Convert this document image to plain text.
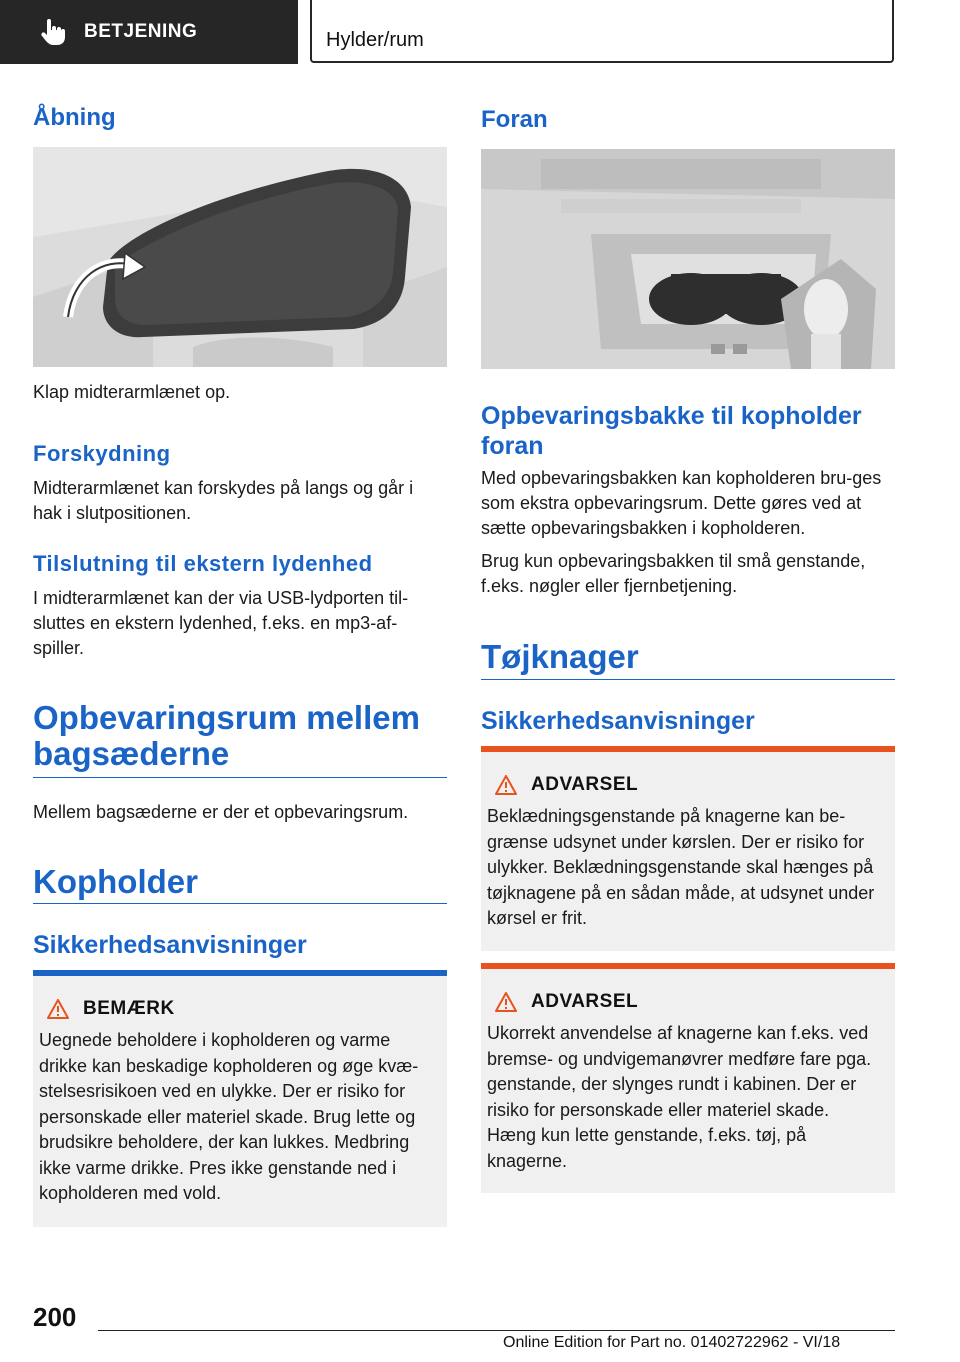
BETJENING	Hylder/rum
Åbning

Klap midterarmlænet op.

Forskydning

Midterarmlænet kan forskydes på langs og går i hak i slutpositionen.

Tilslutning til ekstern lydenhed

I midterarmlænet kan der via USB-lydporten til-sluttes en ekstern lydenhed, f.eks. en mp3-af-spiller.

Opbevaringsrum mellem
bagsæderne

Mellem bagsæderne er der et opbevaringsrum.

Kopholder
Sikkerhedsanvisninger
BEMÆRK
Uegnede beholdere i kopholderen og varme drikke kan beskadige kopholderen og øge kvæ-stelsesrisikoen ved en ulykke. Der er risiko for personskade eller materiel skade. Brug lette og brudsikre beholdere, der kan lukkes. Medbring ikke varme drikke. Pres ikke genstande ned i kopholderen med vold.
Foran
Opbevaringsbakke til kopholder
foran

Med opbevaringsbakken kan kopholderen bru-ges som ekstra opbevaringsrum. Dette gøres ved at sætte opbevaringsbakken i kopholderen.

Brug kun opbevaringsbakken til små genstande, f.eks. nøgler eller fjernbetjening.

Tøjknager
Sikkerhedsanvisninger
ADVARSEL
Beklædningsgenstande på knagerne kan be-grænse udsynet under kørslen. Der er risiko for ulykker. Beklædningsgenstande skal hænges på tøjknagene på en sådan måde, at udsynet under kørsel er frit.
ADVARSEL
Ukorrekt anvendelse af knagerne kan f.eks. ved bremse- og undvigemanøvrer medføre fare pga. genstande, der slynges rundt i kabinen. Der er risiko for personskade eller materiel skade. Hæng kun lette genstande, f.eks. tøj, på knagerne.
200
Online Edition for Part no. 01402722962 - VI/18
